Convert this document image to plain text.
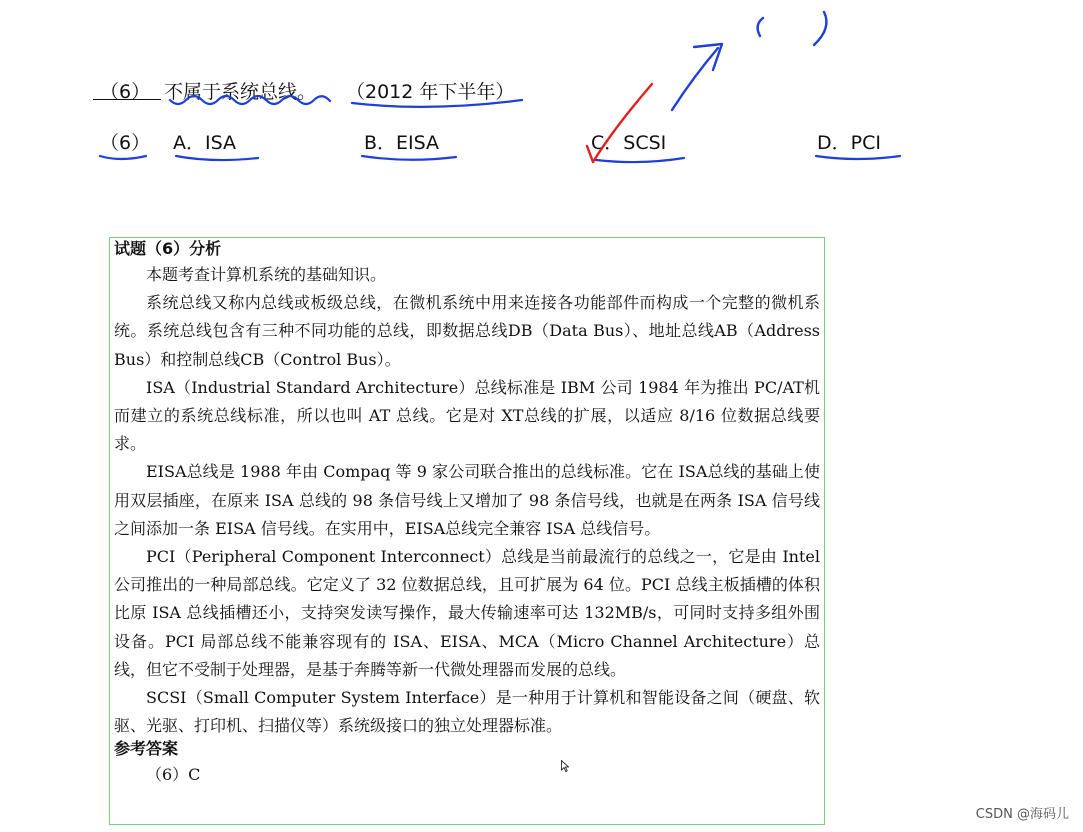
（6） 不属于系统总线。 （2012 年下半年）
（6） A．ISA	B．EISA	C．SCSI	D．PCI
试题（6）分析

本题考查计算机系统的基础知识。

系统总线又称内总线或板级总线，在微机系统中用来连接各功能部件而构成一个完整的微机系统。系统总线包含有三种不同功能的总线，即数据总线DB（Data Bus）、地址总线AB（Address Bus）和控制总线CB（Control Bus）。

ISA（Industrial Standard Architecture）总线标准是 IBM 公司 1984 年为推出 PC/AT机而建立的系统总线标准，所以也叫 AT 总线。它是对 XT总线的扩展，以适应 8/16 位数据总线要求。

EISA总线是 1988 年由 Compaq 等 9 家公司联合推出的总线标准。它在 ISA总线的基础上使用双层插座，在原来 ISA 总线的 98 条信号线上又增加了 98 条信号线，也就是在两条 ISA 信号线之间添加一条 EISA 信号线。在实用中，EISA总线完全兼容 ISA 总线信号。

PCI（Peripheral Component Interconnect）总线是当前最流行的总线之一，它是由 Intel 公司推出的一种局部总线。它定义了 32 位数据总线，且可扩展为 64 位。PCI 总线主板插槽的体积比原 ISA 总线插槽还小，支持突发读写操作，最大传输速率可达 132MB/s，可同时支持多组外围设备。PCI 局部总线不能兼容现有的 ISA、EISA、MCA（Micro Channel Architecture）总线，但它不受制于处理器，是基于奔腾等新一代微处理器而发展的总线。

SCSI（Small Computer System Interface）是一种用于计算机和智能设备之间（硬盘、软驱、光驱、打印机、扫描仪等）系统级接口的独立处理器标准。

参考答案
（6）C
CSDN @海码儿
